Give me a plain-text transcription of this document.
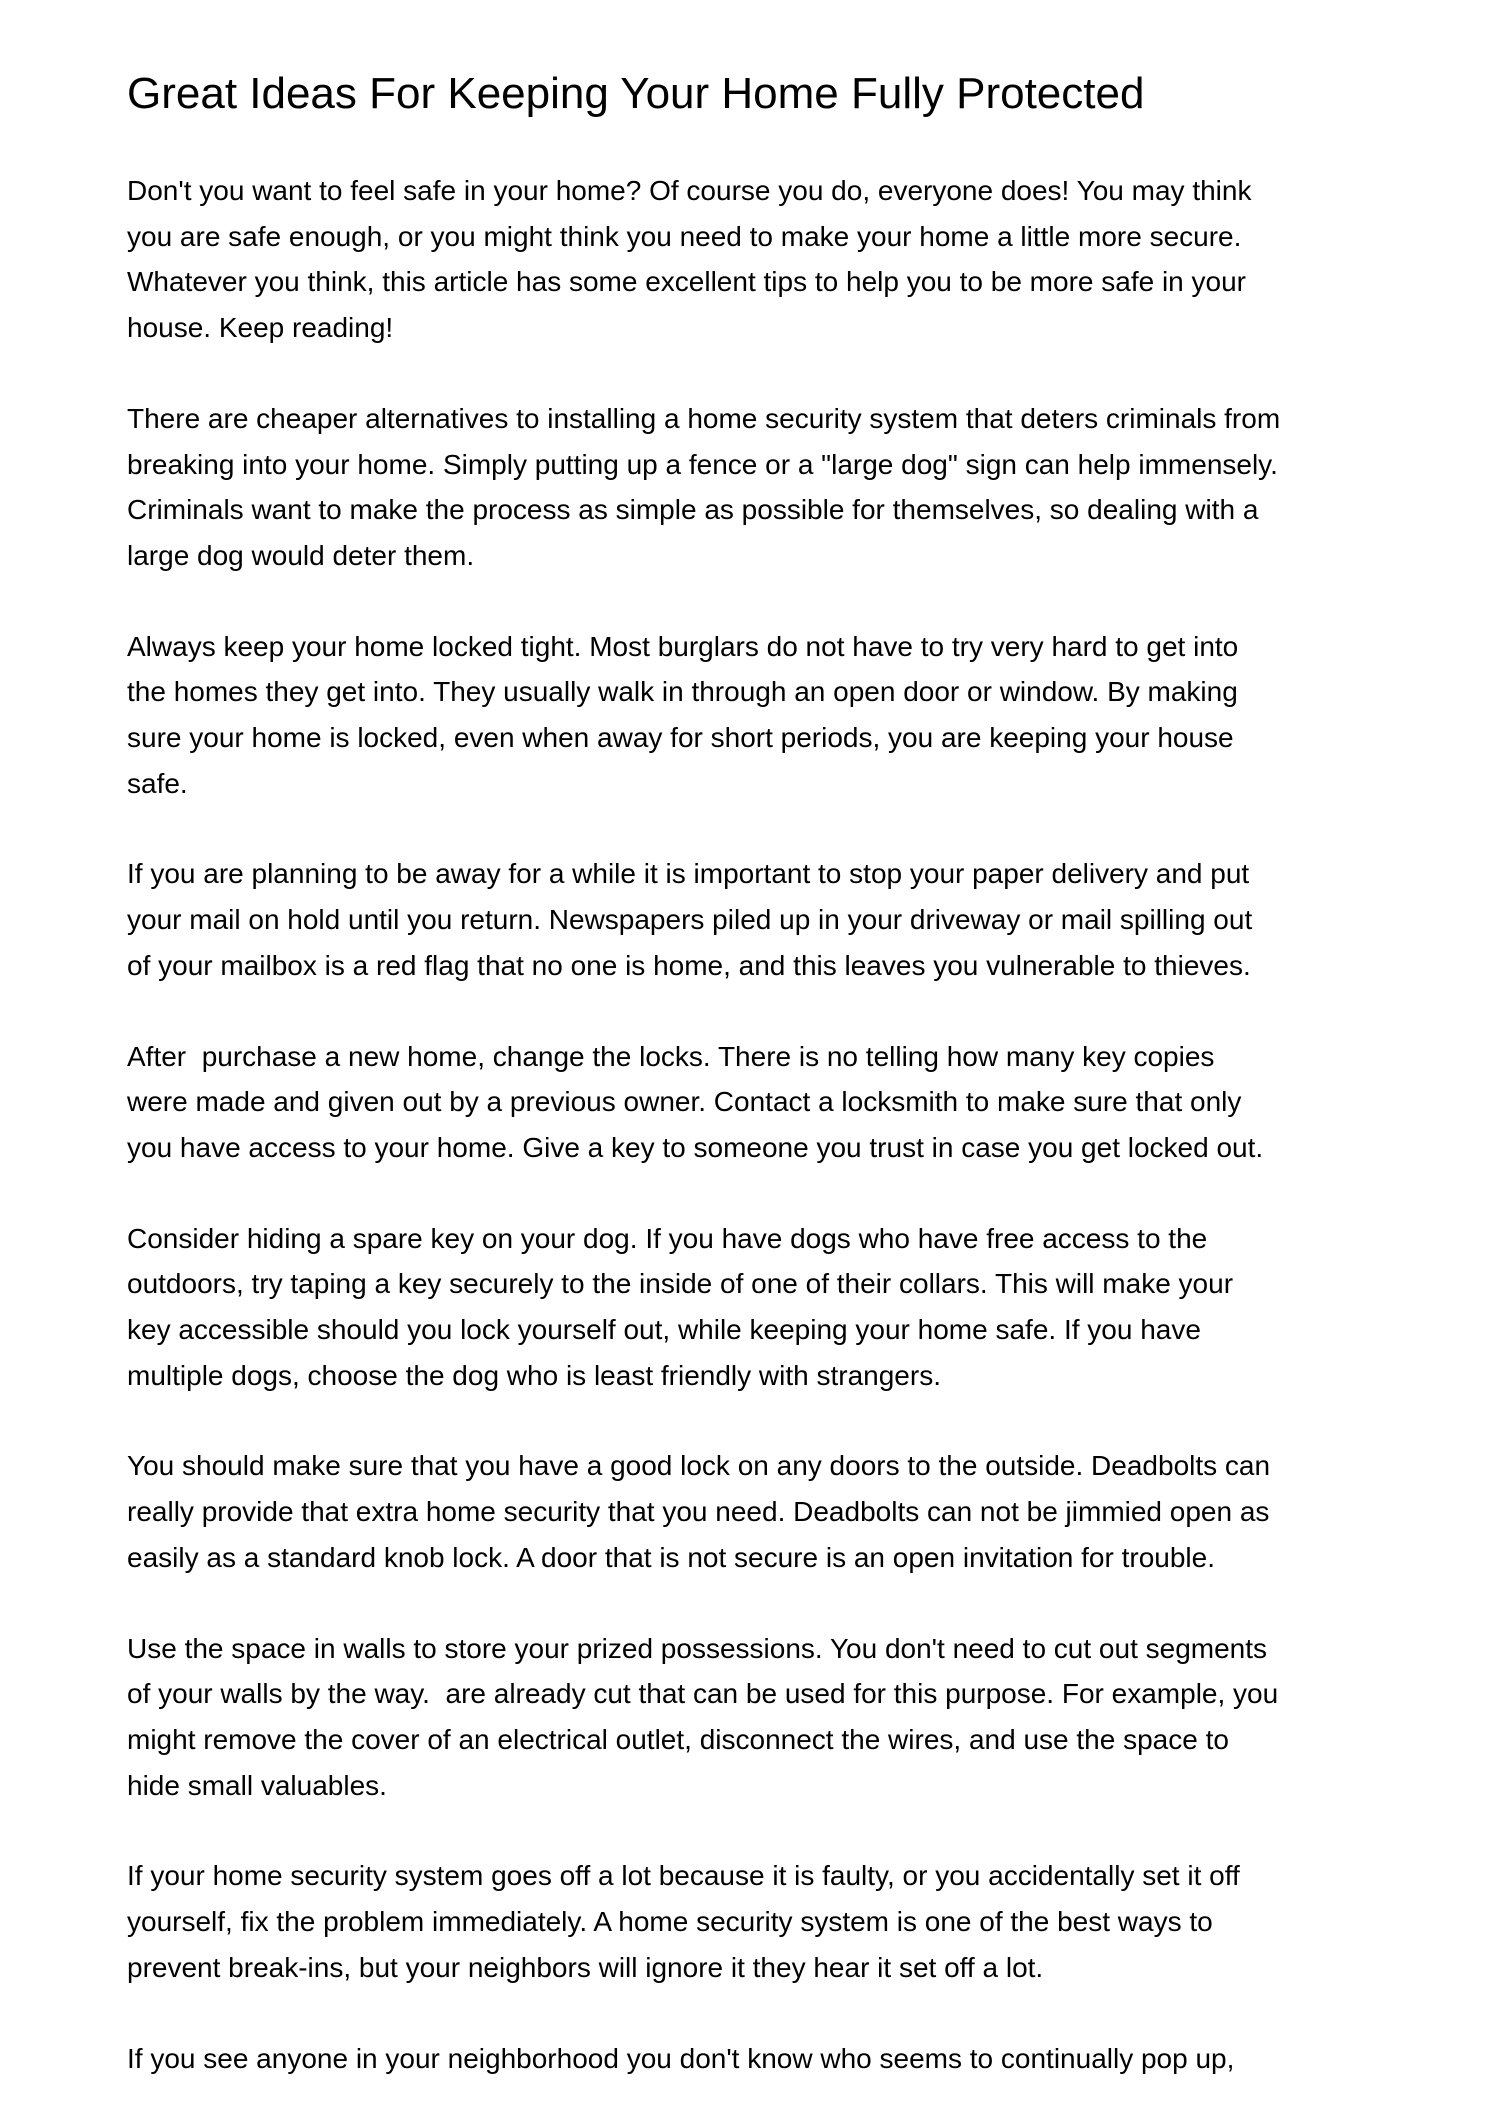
Great Ideas For Keeping Your Home Fully Protected

Don't you want to feel safe in your home? Of course you do, everyone does! You may think
you are safe enough, or you might think you need to make your home a little more secure.
Whatever you think, this article has some excellent tips to help you to be more safe in your
house. Keep reading!

There are cheaper alternatives to installing a home security system that deters criminals from
breaking into your home. Simply putting up a fence or a "large dog" sign can help immensely.
Criminals want to make the process as simple as possible for themselves, so dealing with a
large dog would deter them.

Always keep your home locked tight. Most burglars do not have to try very hard to get into
the homes they get into. They usually walk in through an open door or window. By making
sure your home is locked, even when away for short periods, you are keeping your house
safe.

If you are planning to be away for a while it is important to stop your paper delivery and put
your mail on hold until you return. Newspapers piled up in your driveway or mail spilling out
of your mailbox is a red flag that no one is home, and this leaves you vulnerable to thieves.

After  purchase a new home, change the locks. There is no telling how many key copies
were made and given out by a previous owner. Contact a locksmith to make sure that only
you have access to your home. Give a key to someone you trust in case you get locked out.

Consider hiding a spare key on your dog. If you have dogs who have free access to the
outdoors, try taping a key securely to the inside of one of their collars. This will make your
key accessible should you lock yourself out, while keeping your home safe. If you have
multiple dogs, choose the dog who is least friendly with strangers.

You should make sure that you have a good lock on any doors to the outside. Deadbolts can
really provide that extra home security that you need. Deadbolts can not be jimmied open as
easily as a standard knob lock. A door that is not secure is an open invitation for trouble.

Use the space in walls to store your prized possessions. You don't need to cut out segments
of your walls by the way.  are already cut that can be used for this purpose. For example, you
might remove the cover of an electrical outlet, disconnect the wires, and use the space to
hide small valuables.

If your home security system goes off a lot because it is faulty, or you accidentally set it off
yourself, fix the problem immediately. A home security system is one of the best ways to
prevent break-ins, but your neighbors will ignore it they hear it set off a lot.

If you see anyone in your neighborhood you don't know who seems to continually pop up,
